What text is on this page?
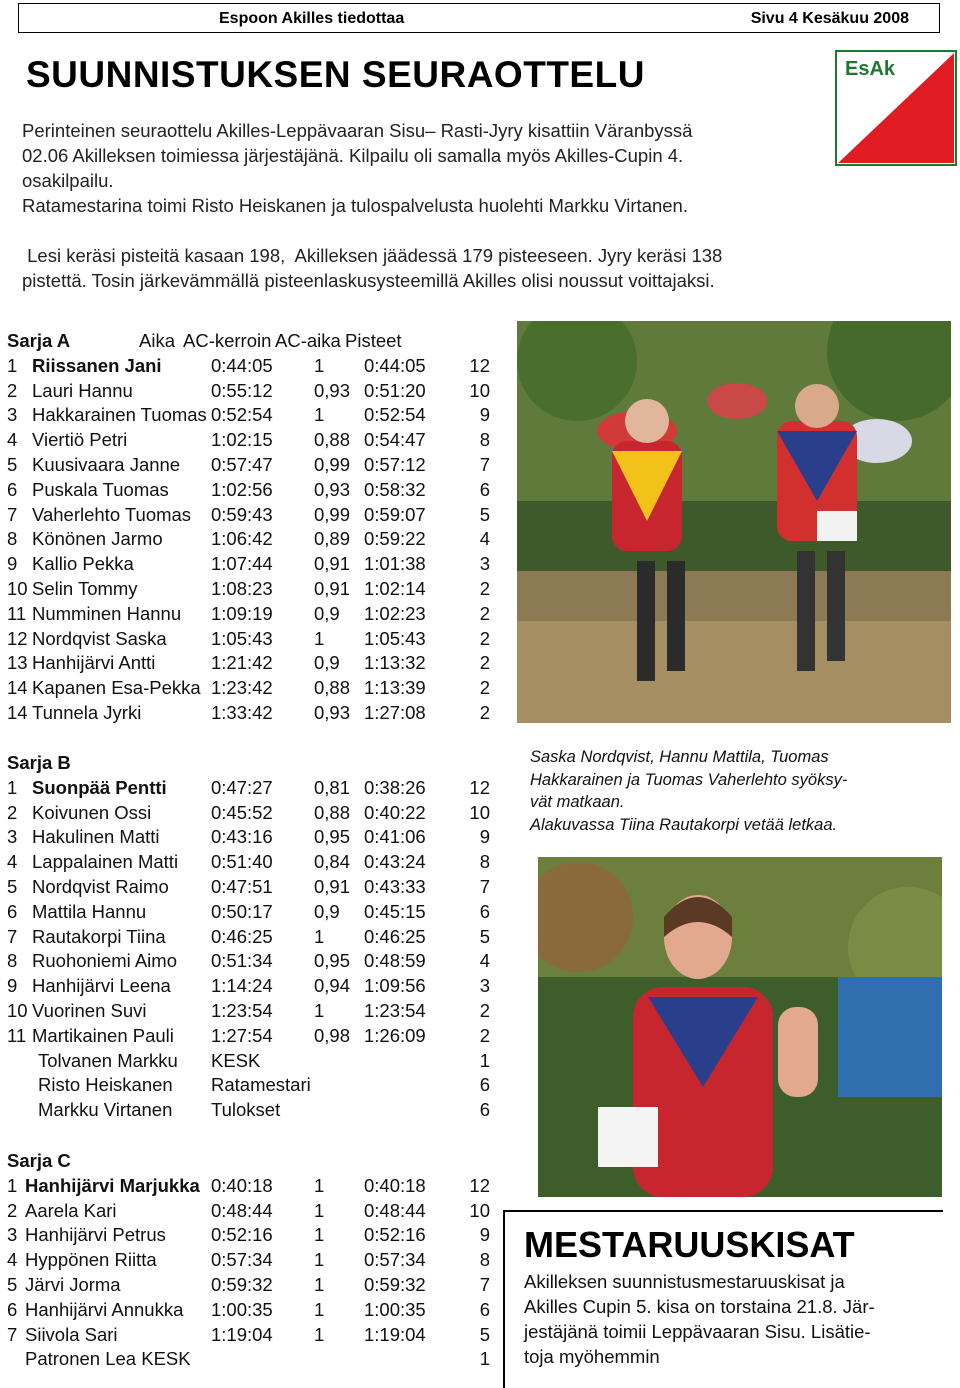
Espoon Akilles tiedottaa	Sivu 4 Kesäkuu 2008
EsAk
SUUNNISTUKSEN SEURAOTTELU
Perinteinen seuraottelu Akilles-Leppävaaran Sisu– Rasti-Jyry kisattiin Väranbyssä
02.06 Akilleksen toimiessa järjestäjänä. Kilpailu oli samalla myös Akilles-Cupin 4.
osakilpailu.
Ratamestarina toimi Risto Heiskanen ja tulospalvelusta huolehti Markku Virtanen.
Lesi keräsi pisteitä kasaan 198,  Akilleksen jäädessä 179 pisteeseen. Jyry keräsi 138
pistettä. Tosin järkevämmällä pisteenlaskusysteemillä Akilles olisi noussut voittajaksi.
Sarja A	Aika AC-kerroin AC-aika Pisteet
1 Riissanen Jani	0:44:05 1 0:44:05 12
2 Lauri Hannu	0:55:12 0,93 0:51:20 10
3 Hakkarainen Tuomas 0:52:54 1 0:52:54	9
4 Viertiö Petri	1:02:15 0,88 0:54:47	8
5 Kuusivaara Janne 0:57:47 0,99 0:57:12	7
6 Puskala Tuomas 1:02:56 0,93 0:58:32	6
7 Vaherlehto Tuomas 0:59:43 0,99 0:59:07	5
8 Könönen Jarmo	1:06:42 0,89 0:59:22	4
9 Kallio Pekka	1:07:44 0,91 1:01:38	3
10 Selin Tommy	1:08:23 0,91 1:02:14	2
11 Numminen Hannu 1:09:19 0,9 1:02:23	2
12 Nordqvist Saska 1:05:43 1 1:05:43	2
13 Hanhijärvi Antti	1:21:42 0,9 1:13:32	2
14 Kapanen Esa-Pekka 1:23:42 0,88 1:13:39	2
14 Tunnela Jyrki	1:33:42 0,93 1:27:08	2
Sarja B
1 Suonpää Pentti 0:47:27 0,81 0:38:26 12
2 Koivunen Ossi	0:45:52 0,88 0:40:22 10
3 Hakulinen Matti	0:43:16 0,95 0:41:06	9
4 Lappalainen Matti 0:51:40 0,84 0:43:24	8
5 Nordqvist Raimo 0:47:51 0,91 0:43:33	7
6 Mattila Hannu	0:50:17 0,9 0:45:15	6
7 Rautakorpi Tiina 0:46:25 1 0:46:25	5
8 Ruohoniemi Aimo 0:51:34 0,95 0:48:59	4
9 Hanhijärvi Leena 1:14:24 0,94 1:09:56	3
10 Vuorinen Suvi	1:23:54 1 1:23:54	2
11 Martikainen Pauli 1:27:54 0,98 1:26:09	2
Tolvanen Markku KESK	1
Risto Heiskanen Ratamestari	6
Markku Virtanen Tulokset	6
Sarja C
1 Hanhijärvi Marjukka 0:40:18 1 0:40:18 12
2 Aarela Kari	0:48:44 1 0:48:44 10
3 Hanhijärvi Petrus 0:52:16 1 0:52:16	9
4 Hyppönen Riitta	0:57:34 1 0:57:34	8
5 Järvi Jorma	0:59:32 1 0:59:32	7
6 Hanhijärvi Annukka 1:00:35 1 1:00:35	6
7 Siivola Sari	1:19:04 1 1:19:04	5
Patronen Lea KESK	1
Saska Nordqvist, Hannu Mattila, Tuomas
Hakkarainen ja Tuomas Vaherlehto syöksy-
vät matkaan.
Alakuvassa Tiina Rautakorpi vetää letkaa.
MESTARUUSKISAT
Akilleksen suunnistusmestaruuskisat ja
Akilles Cupin 5. kisa on torstaina 21.8. Jär-
jestäjänä toimii Leppävaaran Sisu. Lisätie-
toja myöhemmin
